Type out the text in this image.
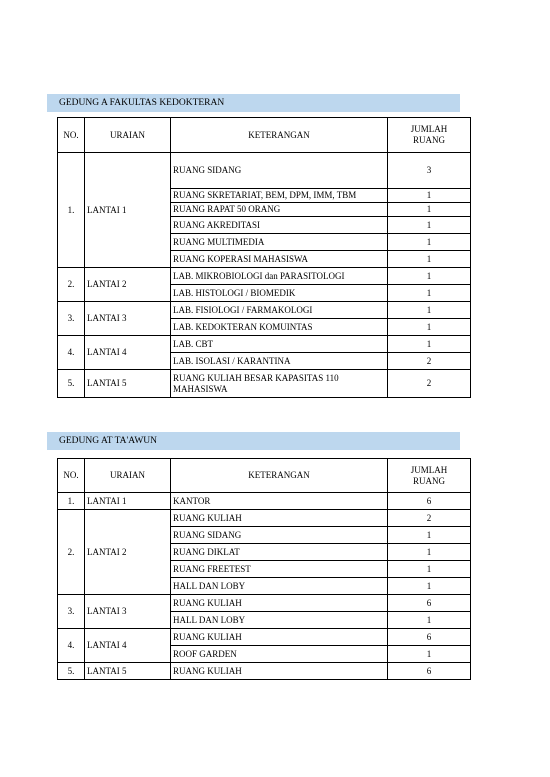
GEDUNG A FAKULTAS KEDOKTERAN
NO.	URAIAN	KETERANGAN	JUMLAH
RUANG
1.	LANTAI 1	RUANG SIDANG	3
		RUANG SKRETARIAT, BEM, DPM, IMM, TBM	1
		RUANG RAPAT 50 ORANG	1
		RUANG AKREDITASI	1
		RUANG MULTIMEDIA	1
		RUANG KOPERASI MAHASISWA	1
2.	LANTAI 2	LAB. MIKROBIOLOGI dan PARASITOLOGI	1
		LAB. HISTOLOGI / BIOMEDIK	1
3.	LANTAI 3	LAB. FISIOLOGI / FARMAKOLOGI	1
		LAB. KEDOKTERAN KOMUINTAS	1
4.	LANTAI 4	LAB. CBT	1
		LAB. ISOLASI / KARANTINA	2
5.	LANTAI 5	RUANG KULIAH BESAR KAPASITAS 110 MAHASISWA	2
GEDUNG AT TA'AWUN
NO.	URAIAN	KETERANGAN	JUMLAH
RUANG
1.	LANTAI 1	KANTOR	6
2.	LANTAI 2	RUANG KULIAH	2
		RUANG SIDANG	1
		RUANG DIKLAT	1
		RUANG FREETEST	1
		HALL DAN LOBY	1
3.	LANTAI 3	RUANG KULIAH	6
		HALL DAN LOBY	1
4.	LANTAI 4	RUANG KULIAH	6
		ROOF GARDEN	1
5.	LANTAI 5	RUANG KULIAH	6
